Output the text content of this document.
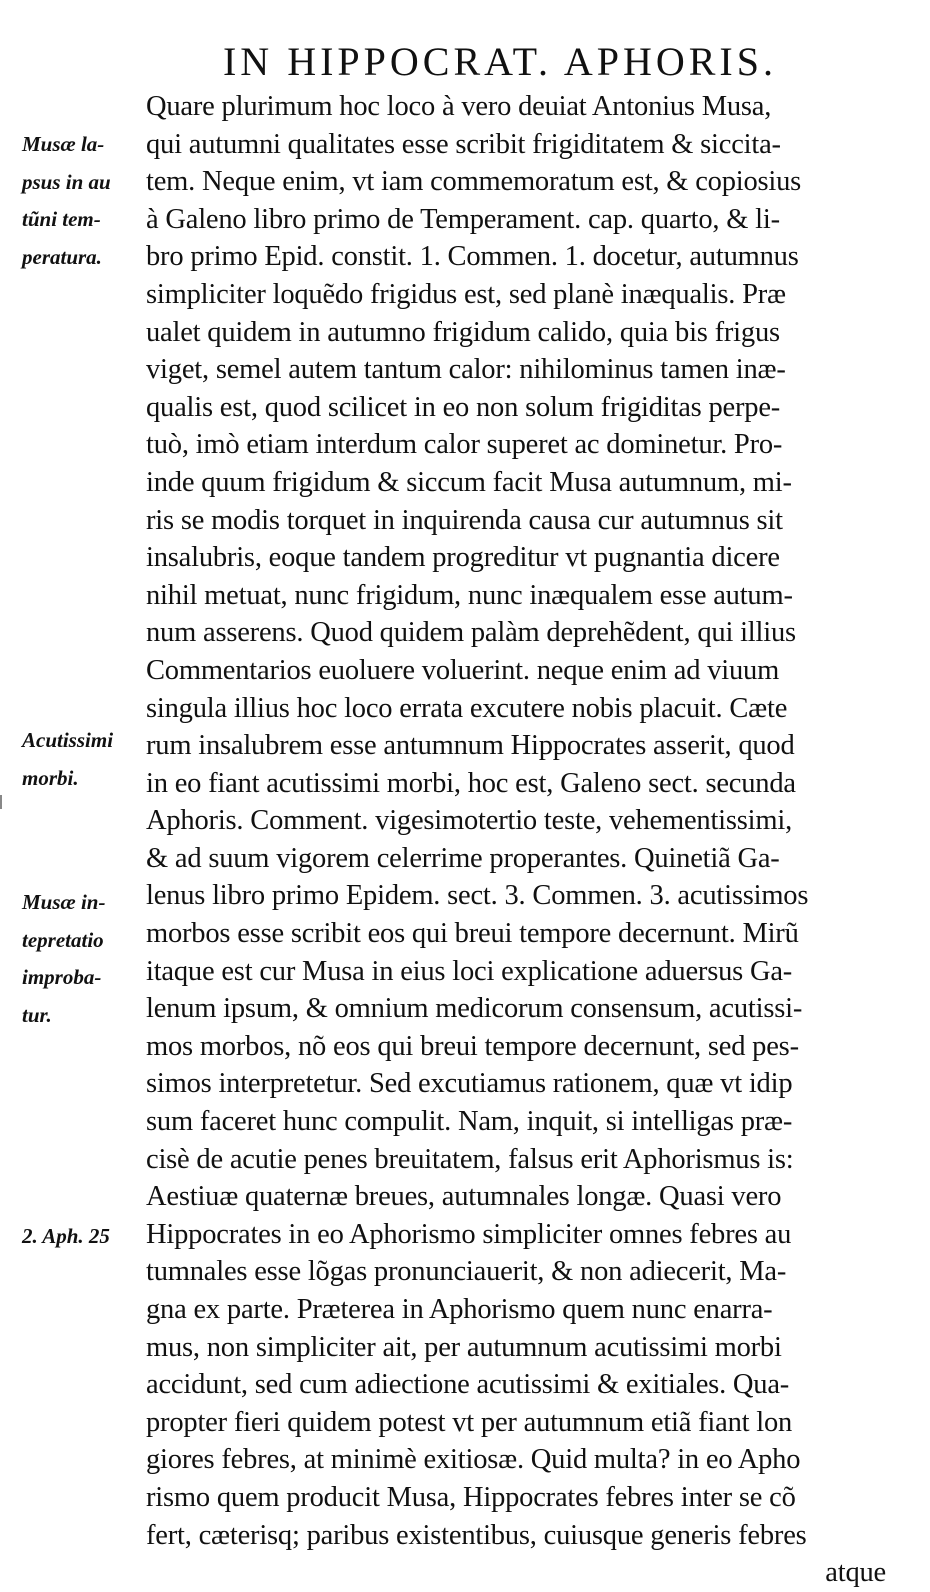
IN HIPPOCRAT. APHORIS.
Musæ la-
psus in au
tũni tem-
peratura.
Acutissimi
morbi.
Musæ in-
tepretatio
improba-
tur.
2. Aph. 25
Quare plurimum hoc loco à vero deuiat Antonius Musa,
qui autumni qualitates esse scribit frigiditatem & siccita-
tem. Neque enim, vt iam commemoratum est, & copiosius
à Galeno libro primo de Temperament. cap. quarto, & li-
bro primo Epid. constit. 1. Commen. 1. docetur, autumnus
simpliciter loquẽdo frigidus est, sed planè inæqualis. Præ
ualet quidem in autumno frigidum calido, quia bis frigus
viget, semel autem tantum calor: nihilominus tamen inæ-
qualis est, quod scilicet in eo non solum frigiditas perpe-
tuò, imò etiam interdum calor superet ac dominetur. Pro-
inde quum frigidum & siccum facit Musa autumnum, mi-
ris se modis torquet in inquirenda causa cur autumnus sit
insalubris, eoque tandem progreditur vt pugnantia dicere
nihil metuat, nunc frigidum, nunc inæqualem esse autum-
num asserens. Quod quidem palàm deprehẽdent, qui illius
Commentarios euoluere voluerint. neque enim ad viuum
singula illius hoc loco errata excutere nobis placuit. Cæte
rum insalubrem esse antumnum Hippocrates asserit, quod
in eo fiant acutissimi morbi, hoc est, Galeno sect. secunda
Aphoris. Comment. vigesimotertio teste, vehementissimi,
& ad suum vigorem celerrime properantes. Quinetiã Ga-
lenus libro primo Epidem. sect. 3. Commen. 3. acutissimos
morbos esse scribit eos qui breui tempore decernunt. Mirũ
itaque est cur Musa in eius loci explicatione aduersus Ga-
lenum ipsum, & omnium medicorum consensum, acutissi-
mos morbos, nõ eos qui breui tempore decernunt, sed pes-
simos interpretetur. Sed excutiamus rationem, quæ vt idip
sum faceret hunc compulit. Nam, inquit, si intelligas præ-
cisè de acutie penes breuitatem, falsus erit Aphorismus is:
Aestiuæ quaternæ breues, autumnales longæ. Quasi vero
Hippocrates in eo Aphorismo simpliciter omnes febres au
tumnales esse lõgas pronunciauerit, & non adiecerit, Ma-
gna ex parte. Præterea in Aphorismo quem nunc enarra-
mus, non simpliciter ait, per autumnum acutissimi morbi
accidunt, sed cum adiectione acutissimi & exitiales. Qua-
propter fieri quidem potest vt per autumnum etiã fiant lon
giores febres, at minimè exitiosæ. Quid multa? in eo Apho
rismo quem producit Musa, Hippocrates febres inter se cõ
fert, cæterisq; paribus existentibus, cuiusque generis febres
atque
